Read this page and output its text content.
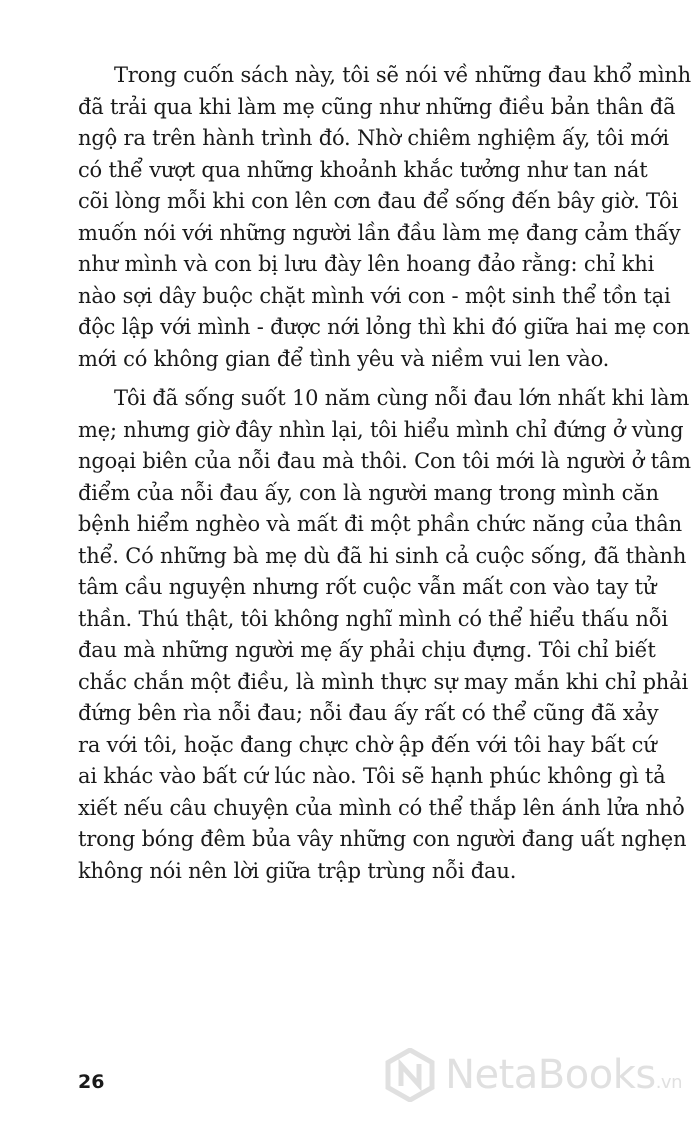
Trong cuốn sách này, tôi sẽ nói về những đau khổ mình
đã trải qua khi làm mẹ cũng như những điều bản thân đã
ngộ ra trên hành trình đó. Nhờ chiêm nghiệm ấy, tôi mới
có thể vượt qua những khoảnh khắc tưởng như tan nát
cõi lòng mỗi khi con lên cơn đau để sống đến bây giờ. Tôi
muốn nói với những người lần đầu làm mẹ đang cảm thấy
như mình và con bị lưu đày lên hoang đảo rằng: chỉ khi
nào sợi dây buộc chặt mình với con - một sinh thể tồn tại
độc lập với mình - được nới lỏng thì khi đó giữa hai mẹ con
mới có không gian để tình yêu và niềm vui len vào.

Tôi đã sống suốt 10 năm cùng nỗi đau lớn nhất khi làm
mẹ; nhưng giờ đây nhìn lại, tôi hiểu mình chỉ đứng ở vùng
ngoại biên của nỗi đau mà thôi. Con tôi mới là người ở tâm
điểm của nỗi đau ấy, con là người mang trong mình căn
bệnh hiểm nghèo và mất đi một phần chức năng của thân
thể. Có những bà mẹ dù đã hi sinh cả cuộc sống, đã thành
tâm cầu nguyện nhưng rốt cuộc vẫn mất con vào tay tử
thần. Thú thật, tôi không nghĩ mình có thể hiểu thấu nỗi
đau mà những người mẹ ấy phải chịu đựng. Tôi chỉ biết
chắc chắn một điều, là mình thực sự may mắn khi chỉ phải
đứng bên rìa nỗi đau; nỗi đau ấy rất có thể cũng đã xảy
ra với tôi, hoặc đang chực chờ ập đến với tôi hay bất cứ
ai khác vào bất cứ lúc nào. Tôi sẽ hạnh phúc không gì tả
xiết nếu câu chuyện của mình có thể thắp lên ánh lửa nhỏ
trong bóng đêm bủa vây những con người đang uất nghẹn
không nói nên lời giữa trập trùng nỗi đau.

26	NetaBooks.vn
